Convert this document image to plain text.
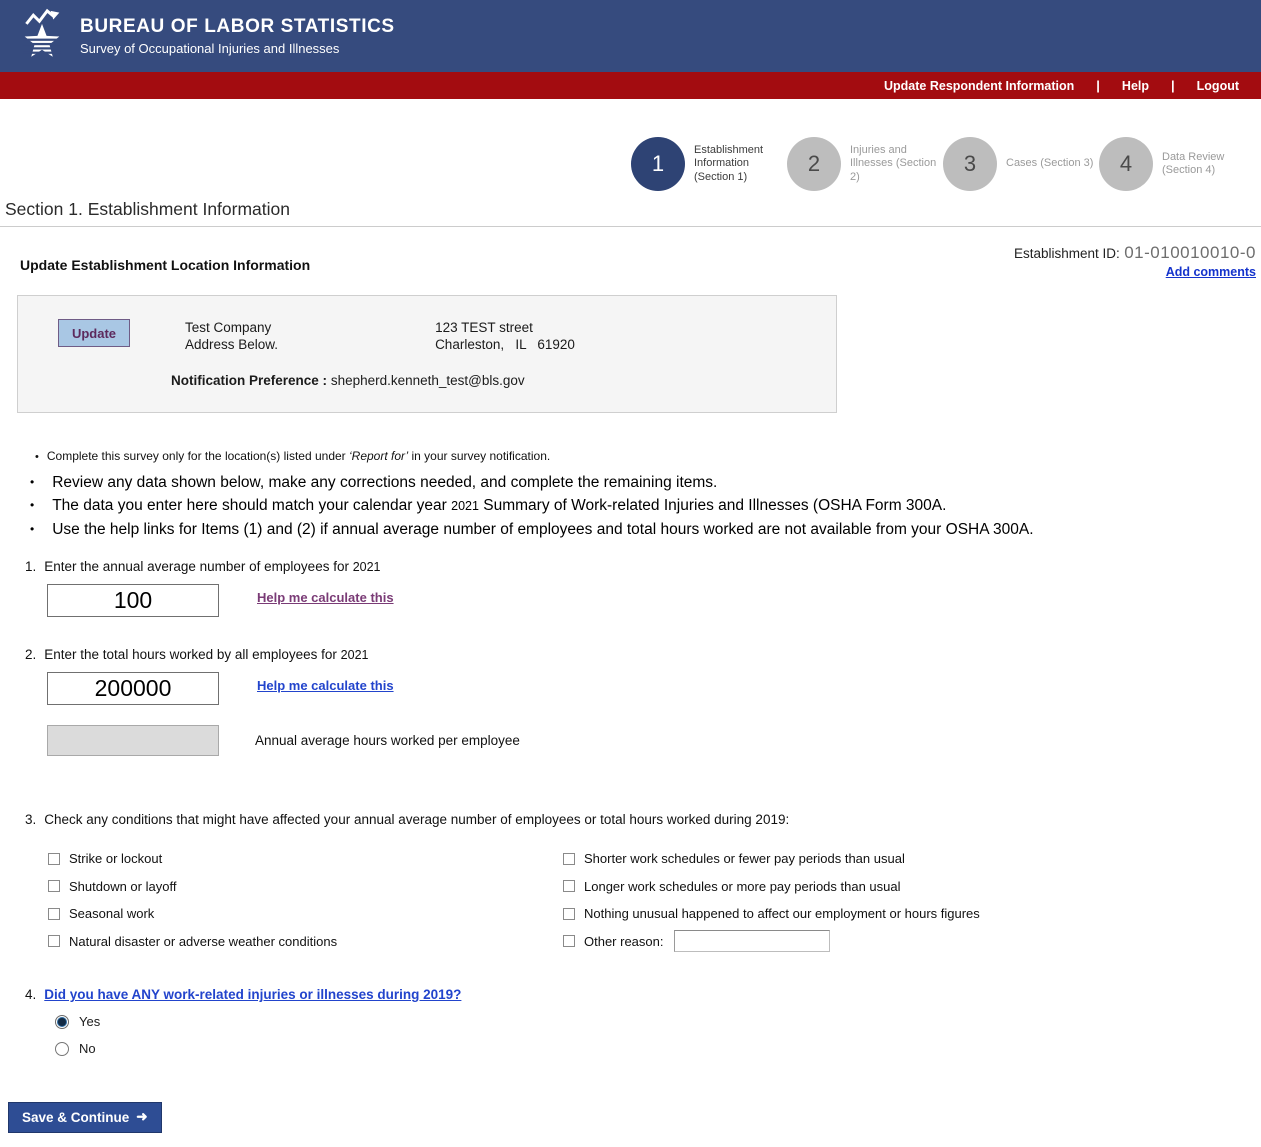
BUREAU OF LABOR STATISTICS
Survey of Occupational Injuries and Illnesses
Update Respondent Information | Help | Logout
1
Establishment Information (Section 1)
2
Injuries and Illnesses (Section 2)
3	Cases (Section 3)	4	Data Review (Section 4)
Section 1. Establishment Information
Update Establishment Location Information
Establishment ID: 01-010010010-0
Add comments
Update	Test Company
Address Below.
123 TEST street
Charleston,   IL   61920
Notification Preference : shepherd.kenneth_test@bls.gov
• Complete this survey only for the location(s) listed under ‘Report for’ in your survey notification.
• Review any data shown below, make any corrections needed, and complete the remaining items.
• The data you enter here should match your calendar year 2021 Summary of Work-related Injuries and Illnesses (OSHA Form 300A.
• Use the help links for Items (1) and (2) if annual average number of employees and total hours worked are not available from your OSHA 300A.
1. Enter the annual average number of employees for 2021
100
Help me calculate this
2. Enter the total hours worked by all employees for 2021
200000
Help me calculate this
Annual average hours worked per employee
3. Check any conditions that might have affected your annual average number of employees or total hours worked during 2019:
Strike or lockout
Shutdown or layoff
Seasonal work
Natural disaster or adverse weather conditions
Shorter work schedules or fewer pay periods than usual
Longer work schedules or more pay periods than usual
Nothing unusual happened to affect our employment or hours figures
Other reason:
4. Did you have ANY work-related injuries or illnesses during 2019?
Yes
No
Save & Continue ➜
